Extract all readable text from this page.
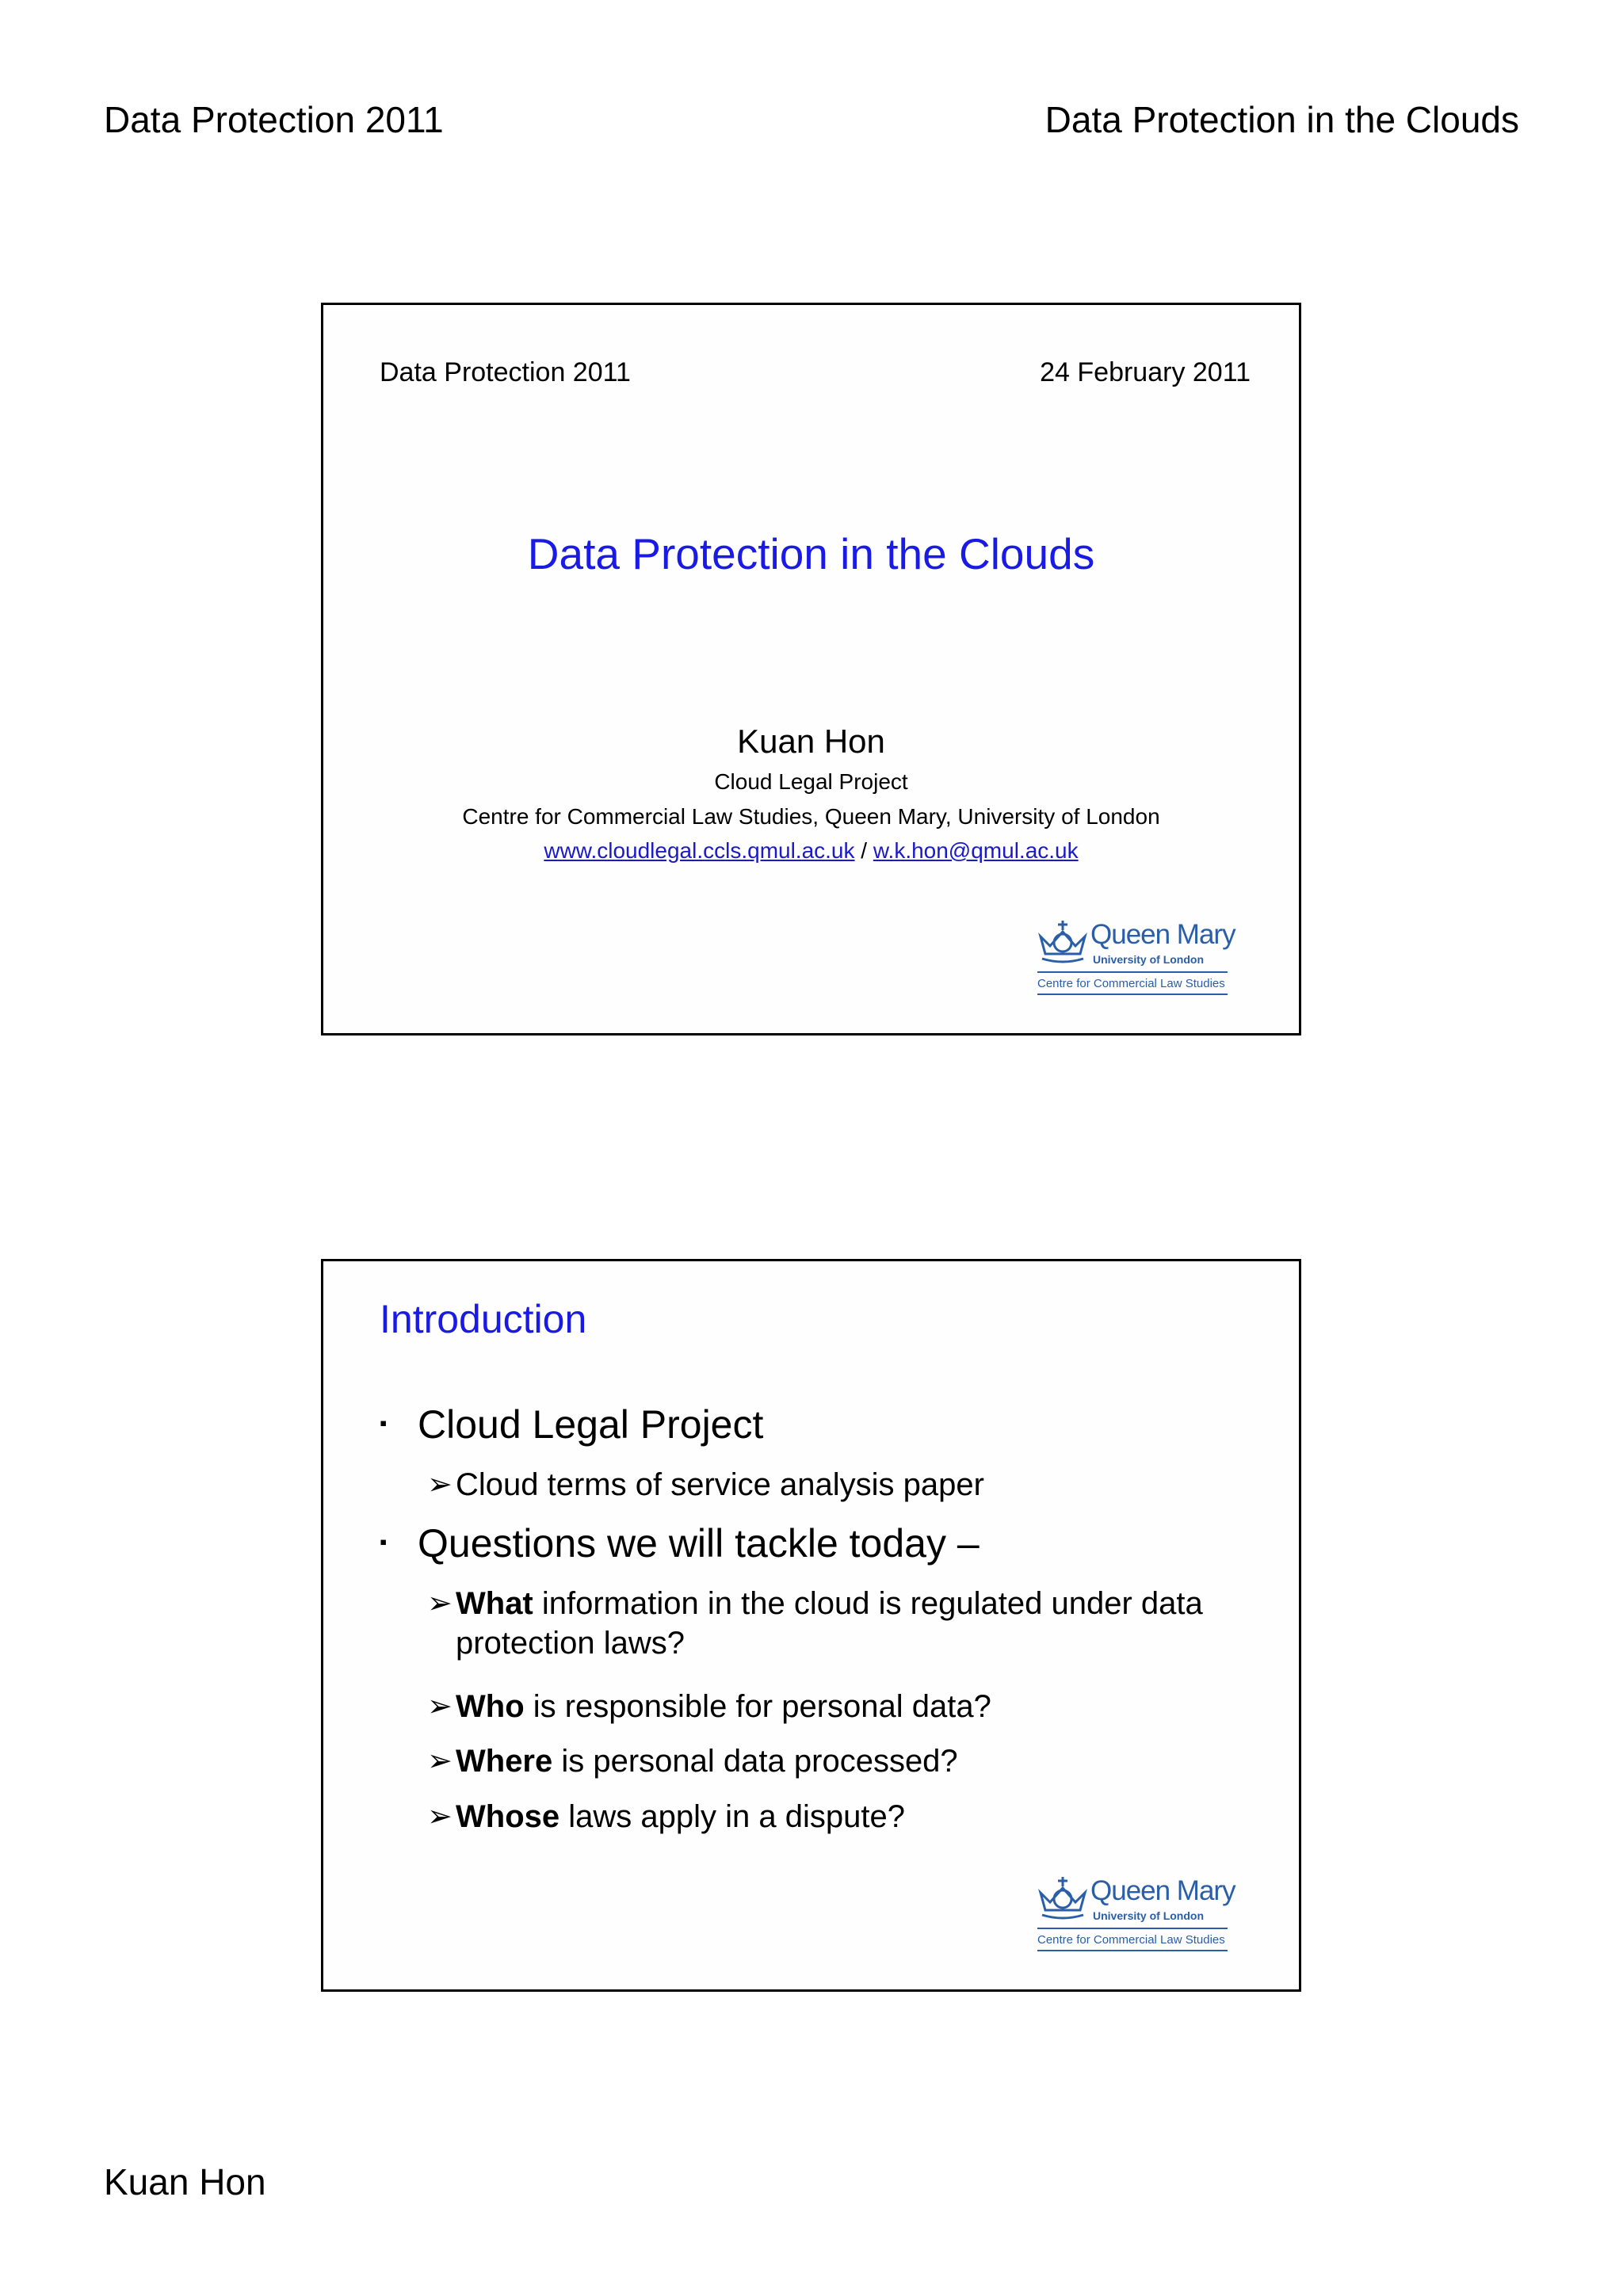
Data Protection 2011	Data Protection in the Clouds
Data Protection 2011	24 February 2011
Data Protection in the Clouds
Kuan Hon
Cloud Legal Project
Centre for Commercial Law Studies, Queen Mary, University of London
www.cloudlegal.ccls.qmul.ac.uk / w.k.hon@qmul.ac.uk
Queen Mary
University of London
Centre for Commercial Law Studies
Introduction
▪ Cloud Legal Project
➢ Cloud terms of service analysis paper
▪ Questions we will tackle today –
➢ What information in the cloud is regulated under data
protection laws?
➢ Who is responsible for personal data?
➢ Where is personal data processed?
➢ Whose laws apply in a dispute?
Queen Mary
University of London
Centre for Commercial Law Studies
Kuan Hon
